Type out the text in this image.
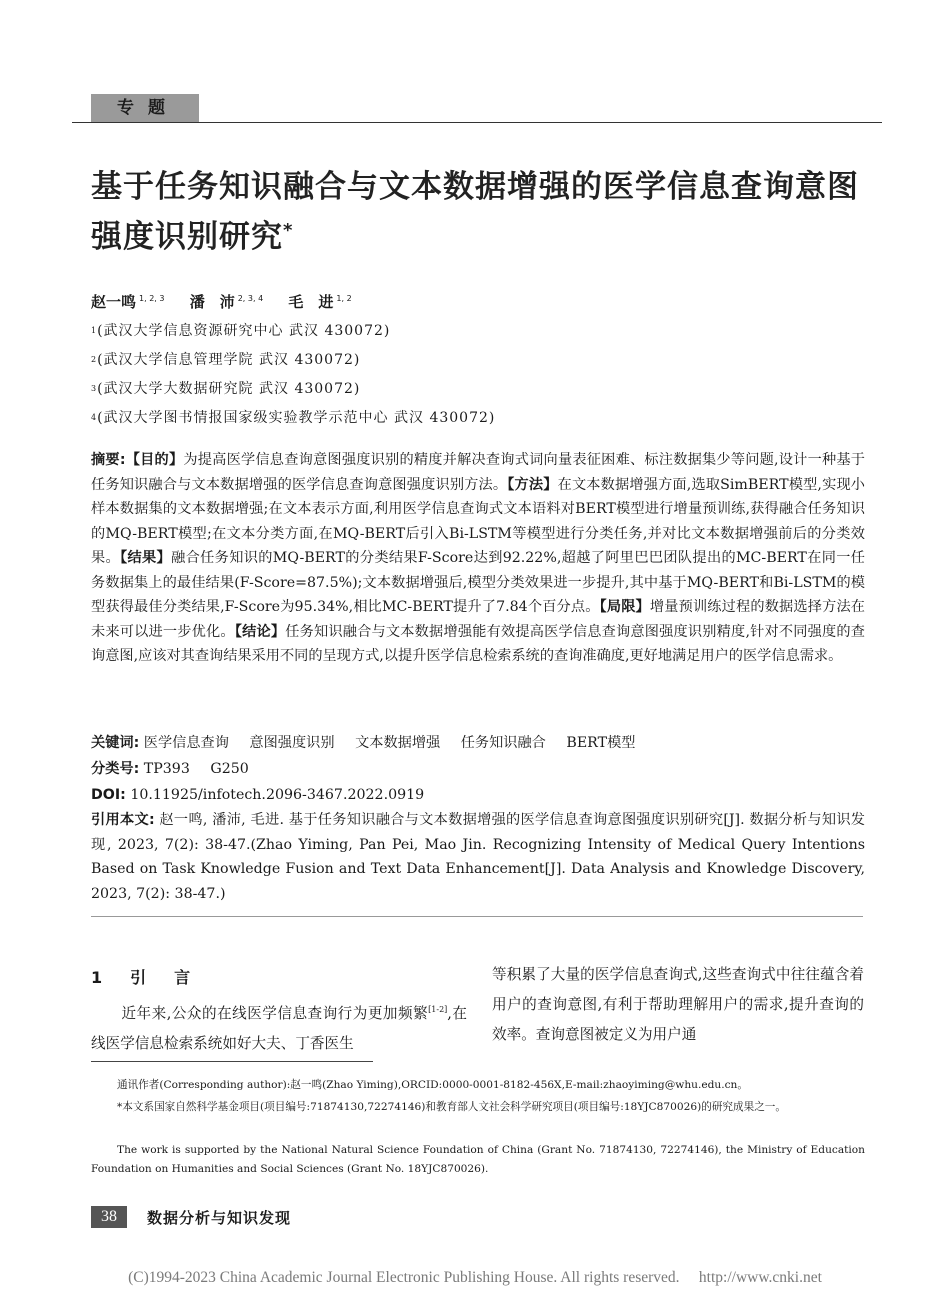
专题
基于任务知识融合与文本数据增强的医学信息查询意图强度识别研究*
赵一鸣 $^{1, 2, 3}$ 潘　沛 $^{2, 3, 4}$ 毛　进 $^{1, 2}$
$^1$(武汉大学信息资源研究中心 武汉 430072)
$^2$(武汉大学信息管理学院 武汉 430072)
$^3$(武汉大学大数据研究院 武汉 430072)
$^4$(武汉大学图书情报国家级实验教学示范中心 武汉 430072)
摘要:【目的】为提高医学信息查询意图强度识别的精度并解决查询式词向量表征困难、标注数据集少等问题,设计一种基于任务知识融合与文本数据增强的医学信息查询意图强度识别方法。【方法】在文本数据增强方面,选取SimBERT模型,实现小样本数据集的文本数据增强;在文本表示方面,利用医学信息查询式文本语料对BERT模型进行增量预训练,获得融合任务知识的MQ-BERT模型;在文本分类方面,在MQ-BERT后引入Bi-LSTM等模型进行分类任务,并对比文本数据增强前后的分类效果。【结果】融合任务知识的MQ-BERT的分类结果F-Score达到92.22%,超越了阿里巴巴团队提出的MC-BERT在同一任务数据集上的最佳结果(F-Score=87.5%);文本数据增强后,模型分类效果进一步提升,其中基于MQ-BERT和Bi-LSTM的模型获得最佳分类结果,F-Score为95.34%,相比MC-BERT提升了7.84个百分点。【局限】增量预训练过程的数据选择方法在未来可以进一步优化。【结论】任务知识融合与文本数据增强能有效提高医学信息查询意图强度识别精度,针对不同强度的查询意图,应该对其查询结果采用不同的呈现方式,以提升医学信息检索系统的查询准确度,更好地满足用户的医学信息需求。
关键词: 医学信息查询 意图强度识别 文本数据增强 任务知识融合 BERT模型
分类号: TP393 G250
DOI: 10.11925/infotech.2096-3467.2022.0919
引用本文: 赵一鸣, 潘沛, 毛进. 基于任务知识融合与文本数据增强的医学信息查询意图强度识别研究[J]. 数据分析与知识发现, 2023, 7(2): 38-47.(Zhao Yiming, Pan Pei, Mao Jin. Recognizing Intensity of Medical Query Intentions Based on Task Knowledge Fusion and Text Data Enhancement[J]. Data Analysis and Knowledge Discovery, 2023, 7(2): 38-47.)
1　引　言
近年来,公众的在线医学信息查询行为更加频繁[1-2],在线医学信息检索系统如好大夫、丁香医生
等积累了大量的医学信息查询式,这些查询式中往往蕴含着用户的查询意图,有利于帮助理解用户的需求,提升查询的效率。查询意图被定义为用户通
通讯作者(Corresponding author):赵一鸣(Zhao Yiming),ORCID:0000-0001-8182-456X,E-mail:zhaoyiming@whu.edu.cn。
*本文系国家自然科学基金项目(项目编号:71874130,72274146)和教育部人文社会科学研究项目(项目编号:18YJC870026)的研究成果之一。
The work is supported by the National Natural Science Foundation of China (Grant No. 71874130, 72274146), the Ministry of Education Foundation on Humanities and Social Sciences (Grant No. 18YJC870026).
38	数据分析与知识发现
(C)1994-2023 China Academic Journal Electronic Publishing House. All rights reserved.　 http://www.cnki.net
